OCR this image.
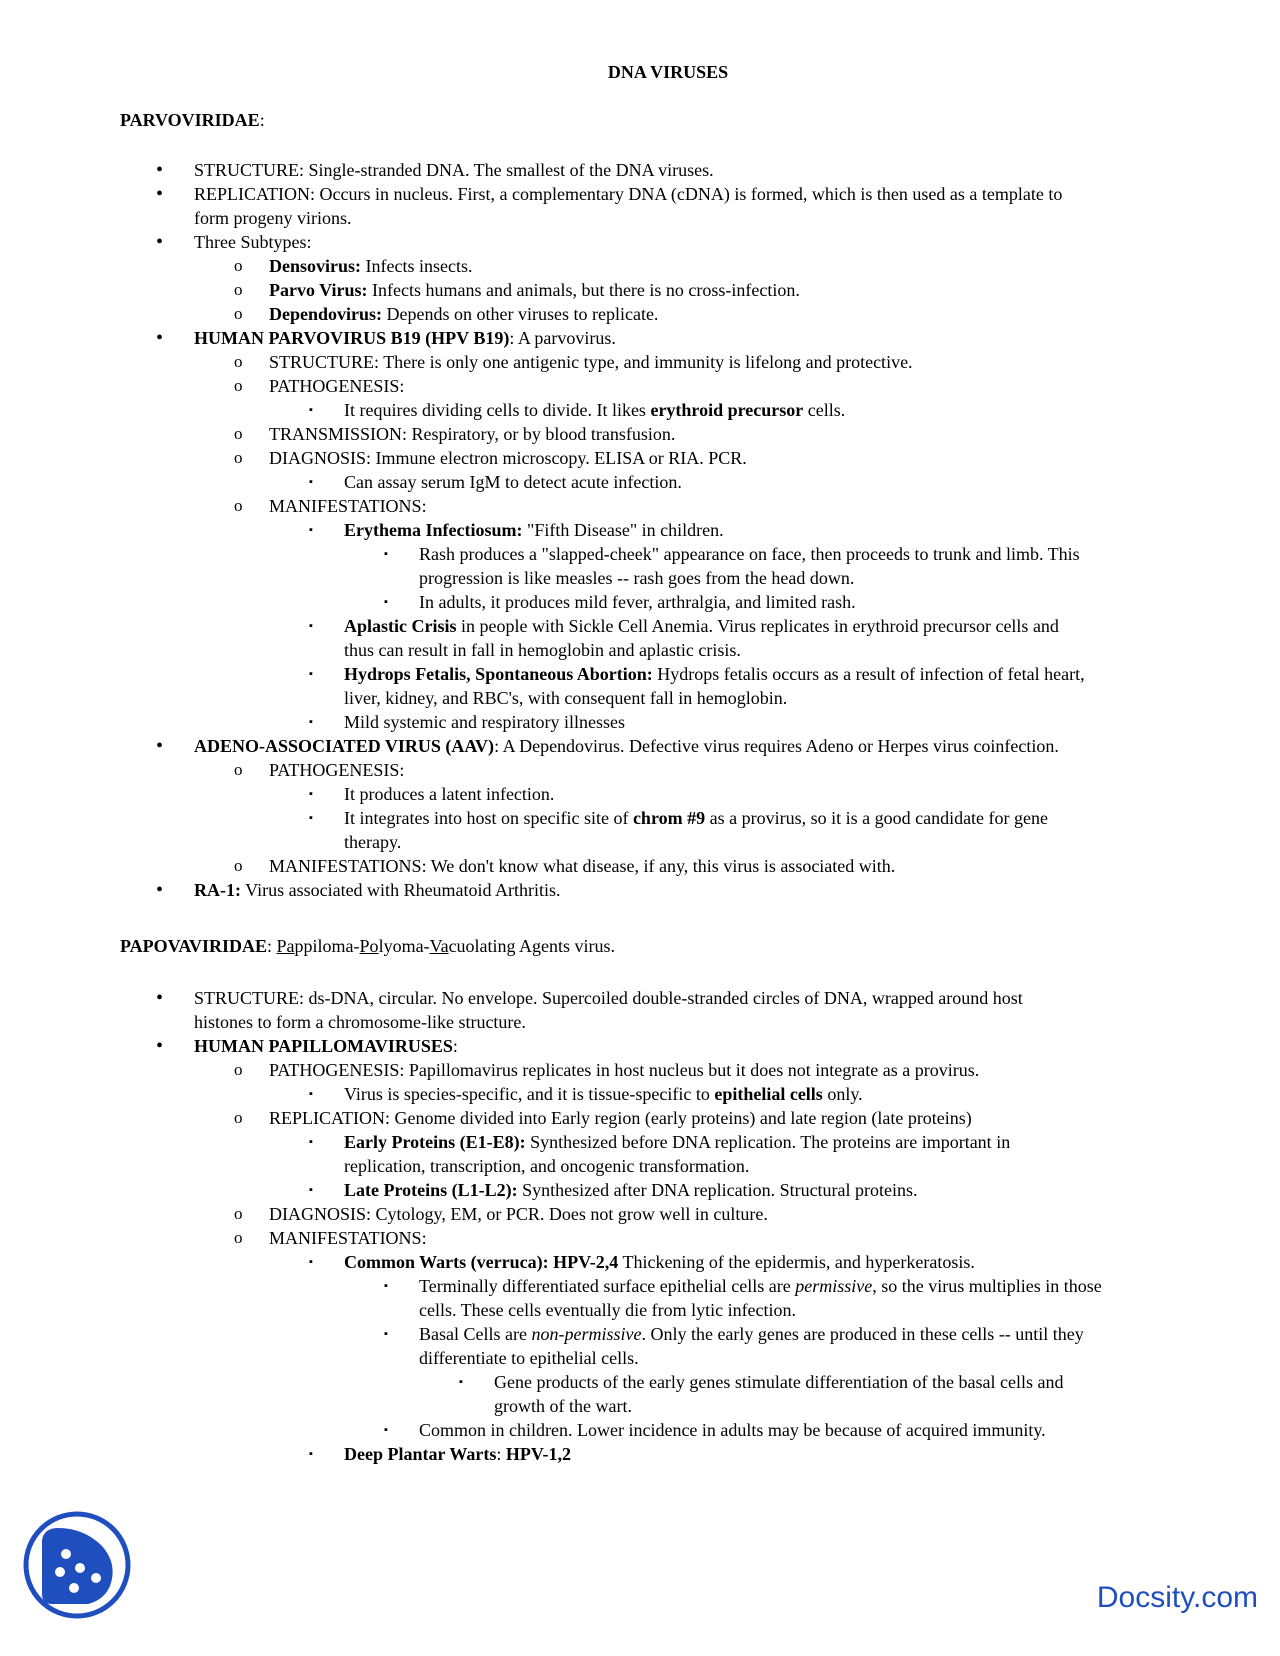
DNA VIRUSES
PARVOVIRIDAE:
• STRUCTURE: Single-stranded DNA. The smallest of the DNA viruses.
• REPLICATION: Occurs in nucleus. First, a complementary DNA (cDNA) is formed, which is then used as a template to
form progeny virions.
• Three Subtypes:
o Densovirus: Infects insects.
o Parvo Virus: Infects humans and animals, but there is no cross-infection.
o Dependovirus: Depends on other viruses to replicate.
• HUMAN PARVOVIRUS B19 (HPV B19): A parvovirus.
o STRUCTURE: There is only one antigenic type, and immunity is lifelong and protective.
o PATHOGENESIS:
▪ It requires dividing cells to divide. It likes erythroid precursor cells.
o TRANSMISSION: Respiratory, or by blood transfusion.
o DIAGNOSIS: Immune electron microscopy. ELISA or RIA. PCR.
▪ Can assay serum IgM to detect acute infection.
o MANIFESTATIONS:
▪ Erythema Infectiosum: "Fifth Disease" in children.
▪ Rash produces a "slapped-cheek" appearance on face, then proceeds to trunk and limb. This
progression is like measles -- rash goes from the head down.
▪ In adults, it produces mild fever, arthralgia, and limited rash.
▪ Aplastic Crisis in people with Sickle Cell Anemia. Virus replicates in erythroid precursor cells and
thus can result in fall in hemoglobin and aplastic crisis.
▪ Hydrops Fetalis, Spontaneous Abortion: Hydrops fetalis occurs as a result of infection of fetal heart,
liver, kidney, and RBC's, with consequent fall in hemoglobin.
▪ Mild systemic and respiratory illnesses
• ADENO-ASSOCIATED VIRUS (AAV): A Dependovirus. Defective virus requires Adeno or Herpes virus coinfection.
o PATHOGENESIS:
▪ It produces a latent infection.
▪ It integrates into host on specific site of chrom #9 as a provirus, so it is a good candidate for gene
therapy.
o MANIFESTATIONS: We don't know what disease, if any, this virus is associated with.
• RA-1: Virus associated with Rheumatoid Arthritis.
PAPOVAVIRIDAE: Pappiloma-Polyoma-Vacuolating Agents virus.
• STRUCTURE: ds-DNA, circular. No envelope. Supercoiled double-stranded circles of DNA, wrapped around host
histones to form a chromosome-like structure.
• HUMAN PAPILLOMAVIRUSES:
o PATHOGENESIS: Papillomavirus replicates in host nucleus but it does not integrate as a provirus.
▪ Virus is species-specific, and it is tissue-specific to epithelial cells only.
o REPLICATION: Genome divided into Early region (early proteins) and late region (late proteins)
▪ Early Proteins (E1-E8): Synthesized before DNA replication. The proteins are important in
replication, transcription, and oncogenic transformation.
▪ Late Proteins (L1-L2): Synthesized after DNA replication. Structural proteins.
o DIAGNOSIS: Cytology, EM, or PCR. Does not grow well in culture.
o MANIFESTATIONS:
▪ Common Warts (verruca): HPV-2,4 Thickening of the epidermis, and hyperkeratosis.
▪ Terminally differentiated surface epithelial cells are permissive, so the virus multiplies in those
cells. These cells eventually die from lytic infection.
▪ Basal Cells are non-permissive. Only the early genes are produced in these cells -- until they
differentiate to epithelial cells.
▪ Gene products of the early genes stimulate differentiation of the basal cells and
growth of the wart.
▪ Common in children. Lower incidence in adults may be because of acquired immunity.
▪ Deep Plantar Warts: HPV-1,2
Docsity.com
